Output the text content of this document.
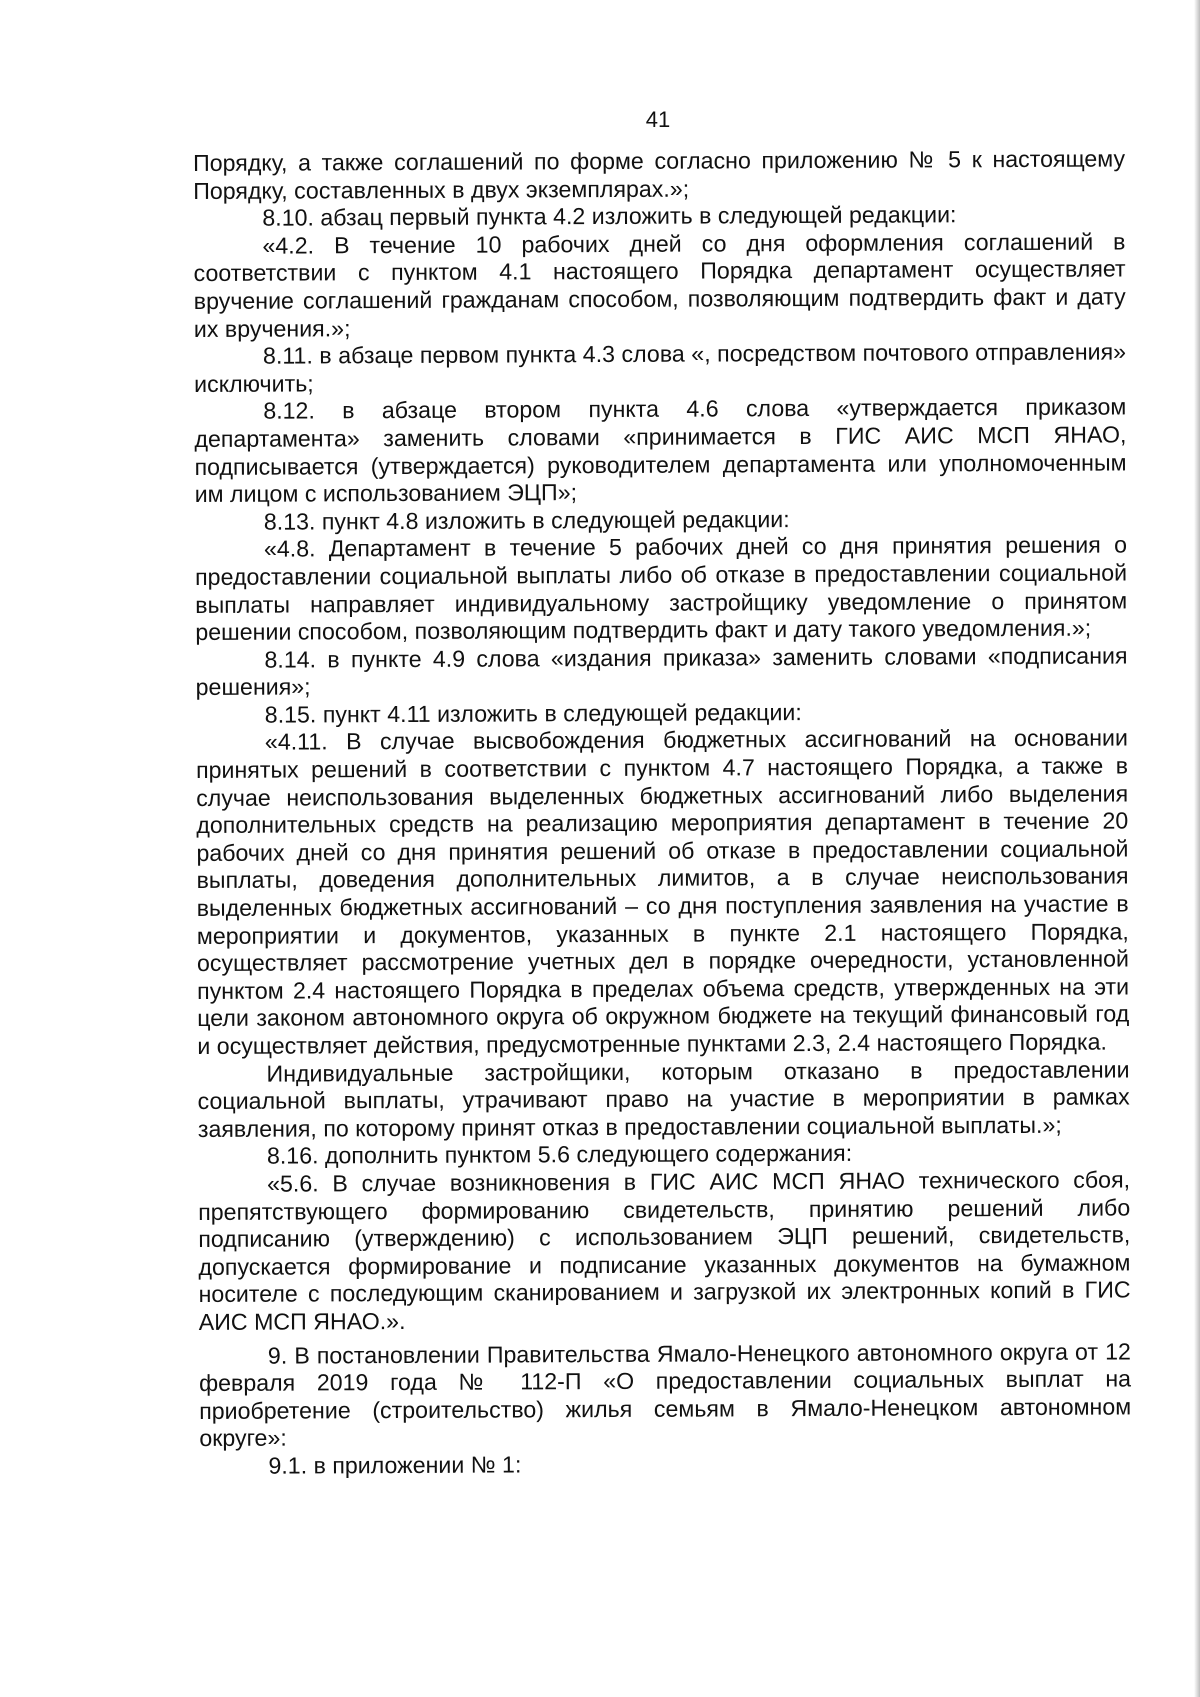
41

Порядку, а также соглашений по форме согласно приложению № 5 к настоящему Порядку, составленных в двух экземплярах.»;

8.10. абзац первый пункта 4.2 изложить в следующей редакции:

«4.2. В течение 10 рабочих дней со дня оформления соглашений в соответствии с пунктом 4.1 настоящего Порядка департамент осуществляет вручение соглашений гражданам способом, позволяющим подтвердить факт и дату их вручения.»;

8.11. в абзаце первом пункта 4.3 слова «, посредством почтового отправления» исключить;

8.12. в абзаце втором пункта 4.6 слова «утверждается приказом департамента» заменить словами «принимается в ГИС АИС МСП ЯНАО, подписывается (утверждается) руководителем департамента или уполномоченным им лицом с использованием ЭЦП»;

8.13. пункт 4.8 изложить в следующей редакции:

«4.8. Департамент в течение 5 рабочих дней со дня принятия решения о предоставлении социальной выплаты либо об отказе в предоставлении социальной выплаты направляет индивидуальному застройщику уведомление о принятом решении способом, позволяющим подтвердить факт и дату такого уведомления.»;

8.14. в пункте 4.9 слова «издания приказа» заменить словами «подписания решения»;

8.15. пункт 4.11 изложить в следующей редакции:

«4.11. В случае высвобождения бюджетных ассигнований на основании принятых решений в соответствии с пунктом 4.7 настоящего Порядка, а также в случае неиспользования выделенных бюджетных ассигнований либо выделения дополнительных средств на реализацию мероприятия департамент в течение 20 рабочих дней со дня принятия решений об отказе в предоставлении социальной выплаты, доведения дополнительных лимитов, а в случае неиспользования выделенных бюджетных ассигнований – со дня поступления заявления на участие в мероприятии и документов, указанных в пункте 2.1 настоящего Порядка, осуществляет рассмотрение учетных дел в порядке очередности, установленной пунктом 2.4 настоящего Порядка в пределах объема средств, утвержденных на эти цели законом автономного округа об окружном бюджете на текущий финансовый год и осуществляет действия, предусмотренные пунктами 2.3, 2.4 настоящего Порядка.

Индивидуальные застройщики, которым отказано в предоставлении социальной выплаты, утрачивают право на участие в мероприятии в рамках заявления, по которому принят отказ в предоставлении социальной выплаты.»;

8.16. дополнить пунктом 5.6 следующего содержания:

«5.6. В случае возникновения в ГИС АИС МСП ЯНАО технического сбоя, препятствующего формированию свидетельств, принятию решений либо подписанию (утверждению) с использованием ЭЦП решений, свидетельств, допускается формирование и подписание указанных документов на бумажном носителе с последующим сканированием и загрузкой их электронных копий в ГИС АИС МСП ЯНАО.».

9. В постановлении Правительства Ямало-Ненецкого автономного округа от 12 февраля 2019 года № 112-П «О предоставлении социальных выплат на приобретение (строительство) жилья семьям в Ямало-Ненецком автономном округе»:

9.1. в приложении № 1:
